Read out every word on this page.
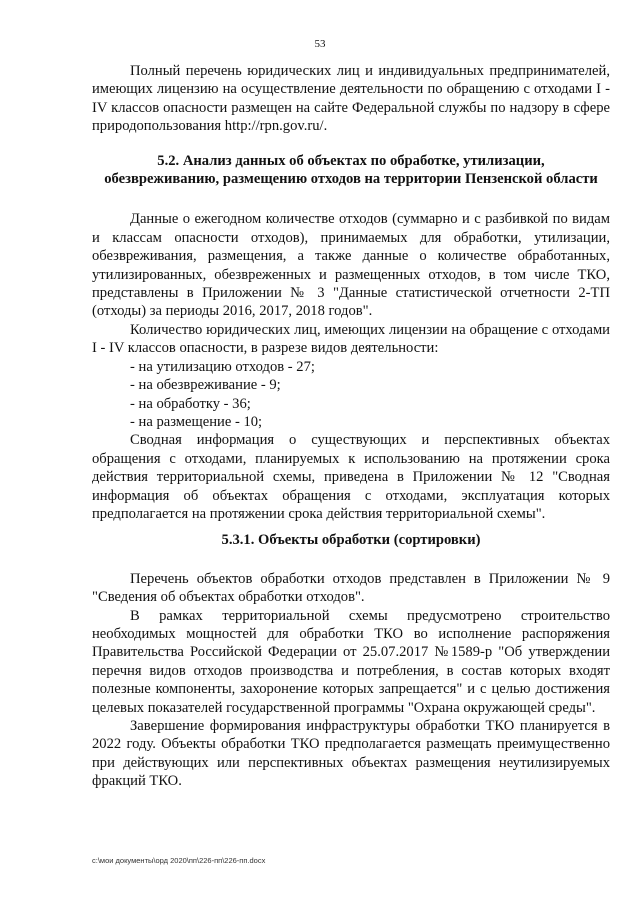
53

Полный перечень юридических лиц и индивидуальных предпринимателей, имеющих лицензию на осуществление деятельности по обращению с отходами I - IV классов опасности размещен на сайте Федеральной службы по надзору в сфере природопользования http://rpn.gov.ru/.

5.2. Анализ данных об объектах по обработке, утилизации,
обезвреживанию, размещению отходов на территории Пензенской области

Данные о ежегодном количестве отходов (суммарно и с разбивкой по видам и классам опасности отходов), принимаемых для обработки, утилизации, обезвреживания, размещения, а также данные о количестве обработанных, утилизированных, обезвреженных и размещенных отходов, в том числе ТКО, представлены в Приложении № 3 "Данные статистической отчетности 2-ТП (отходы) за периоды 2016, 2017, 2018 годов".

Количество юридических лиц, имеющих лицензии на обращение с отходами I - IV классов опасности, в разрезе видов деятельности:

- на утилизацию отходов - 27;
- на обезвреживание - 9;
- на обработку - 36;
- на размещение - 10;

Сводная информация о существующих и перспективных объектах обращения с отходами, планируемых к использованию на протяжении срока действия территориальной схемы, приведена в Приложении № 12 "Сводная информация об объектах обращения с отходами, эксплуатация которых предполагается на протяжении срока действия территориальной схемы".

5.3.1. Объекты обработки (сортировки)

Перечень объектов обработки отходов представлен в Приложении № 9 "Сведения об объектах обработки отходов".

В рамках территориальной схемы предусмотрено строительство необходимых мощностей для обработки ТКО во исполнение распоряжения Правительства Российской Федерации от 25.07.2017 №1589-р "Об утверждении перечня видов отходов производства и потребления, в состав которых входят полезные компоненты, захоронение которых запрещается" и с целью достижения целевых показателей государственной программы "Охрана окружающей среды".

Завершение формирования инфраструктуры обработки ТКО планируется в 2022 году. Объекты обработки ТКО предполагается размещать преимущественно при действующих или перспективных объектах размещения неутилизируемых фракций ТКО.

c:\мои документы\орд 2020\пп\226-пп\226-пп.docx
